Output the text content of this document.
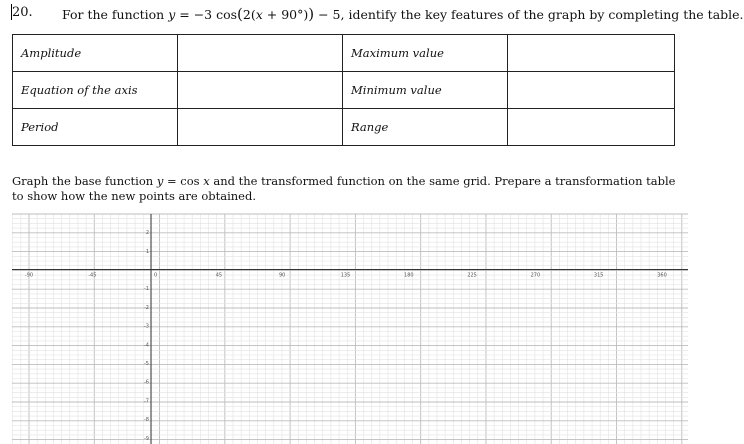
20. For the function y = −3 cos(2(x + 90°)) − 5, identify the key features of the graph by completing the table.
Amplitude		Maximum value	
Equation of the axis		Minimum value	
Period		Range	
Graph the base function y = cos x and the transformed function on the same grid. Prepare a transformation table to show how the new points are obtained.
-90	-45	0	45	90	135	180	225	270	315	360
2
1
-1
-2
-3
-4
-5
-6
-7
-8
-9
